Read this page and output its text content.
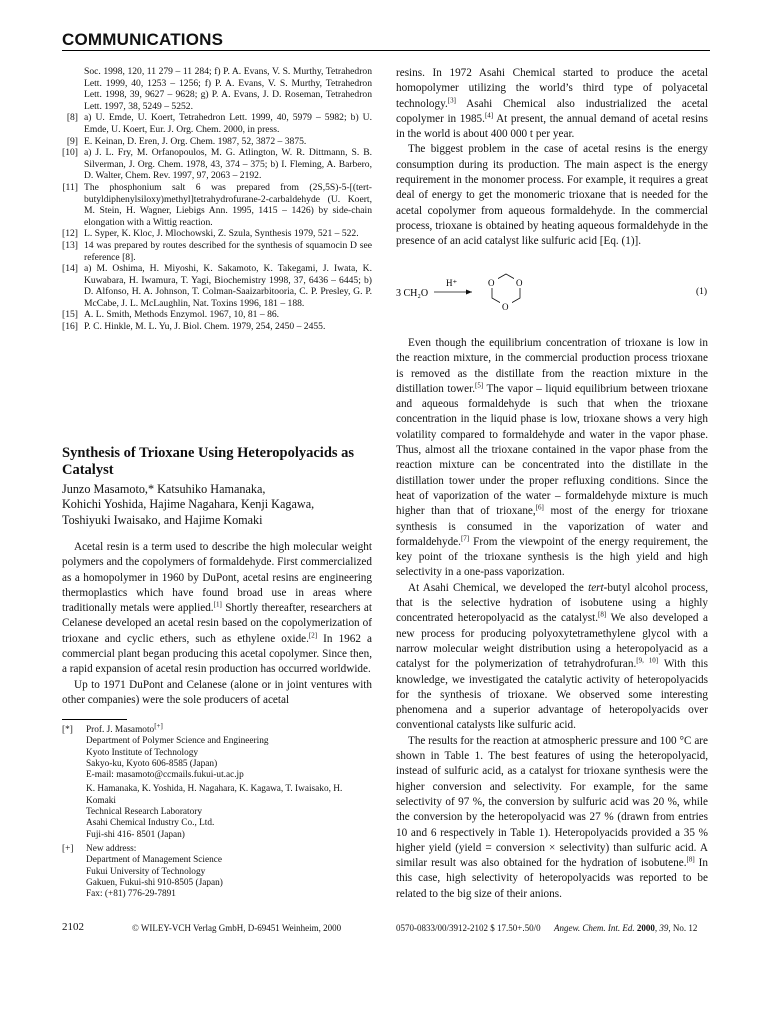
COMMUNICATIONS
Soc. 1998, 120, 11 279 – 11 284; f) P. A. Evans, V. S. Murthy, Tetrahedron Lett. 1999, 40, 1253 – 1256; f) P. A. Evans, V. S. Murthy, Tetrahedron Lett. 1998, 39, 9627 – 9628; g) P. A. Evans, J. D. Roseman, Tetrahedron Lett. 1997, 38, 5249 – 5252.
[8] a) U. Emde, U. Koert, Tetrahedron Lett. 1999, 40, 5979 – 5982; b) U. Emde, U. Koert, Eur. J. Org. Chem. 2000, in press.
[9] E. Keinan, D. Eren, J. Org. Chem. 1987, 52, 3872 – 3875.
[10] a) J. L. Fry, M. Orfanopoulos, M. G. Atlington, W. R. Dittmann, S. B. Silverman, J. Org. Chem. 1978, 43, 374 – 375; b) I. Fleming, A. Barbero, D. Walter, Chem. Rev. 1997, 97, 2063 – 2192.
[11] The phosphonium salt 6 was prepared from (2S,5S)-5-[(tert-butyldiphenylsiloxy)methyl]tetrahydrofurane-2-carbaldehyde (U. Koert, M. Stein, H. Wagner, Liebigs Ann. 1995, 1415 – 1426) by side-chain elongation with a Wittig reaction.
[12] L. Syper, K. Kloc, J. Mlochowski, Z. Szula, Synthesis 1979, 521 – 522.
[13] 14 was prepared by routes described for the synthesis of squamocin D see reference [8].
[14] a) M. Oshima, H. Miyoshi, K. Sakamoto, K. Takegami, J. Iwata, K. Kuwabara, H. Iwamura, T. Yagi, Biochemistry 1998, 37, 6436 – 6445; b) D. Alfonso, H. A. Johnson, T. Colman-Saaizarbitooria, C. P. Presley, G. P. McCabe, J. L. McLaughlin, Nat. Toxins 1996, 181 – 188.
[15] A. L. Smith, Methods Enzymol. 1967, 10, 81 – 86.
[16] P. C. Hinkle, M. L. Yu, J. Biol. Chem. 1979, 254, 2450 – 2455.
Synthesis of Trioxane Using Heteropolyacids as Catalyst
Junzo Masamoto,* Katsuhiko Hamanaka,
Kohichi Yoshida, Hajime Nagahara, Kenji Kagawa,
Toshiyuki Iwaisako, and Hajime Komaki

Acetal resin is a term used to describe the high molecular weight polymers and the copolymers of formaldehyde. First commercialized as a homopolymer in 1960 by DuPont, acetal resins are engineering thermoplastics which have found broad use in areas where traditionally metals were applied.[1] Shortly thereafter, researchers at Celanese developed an acetal resin based on the copolymerization of trioxane and cyclic ethers, such as ethylene oxide.[2] In 1962 a commercial plant began producing this acetal copolymer. Since then, a rapid expansion of acetal resin production has occurred worldwide.

Up to 1971 DuPont and Celanese (alone or in joint ventures with other companies) were the sole producers of acetal

[*] Prof. J. Masamoto[+]
Department of Polymer Science and Engineering
Kyoto Institute of Technology
Sakyo-ku, Kyoto 606-8585 (Japan)
E-mail: masamoto@ccmails.fukui-ut.ac.jp
K. Hamanaka, K. Yoshida, H. Nagahara, K. Kagawa, T. Iwaisako, H. Komaki
Technical Research Laboratory
Asahi Chemical Industry Co., Ltd.
Fuji-shi 416- 8501 (Japan)
[+] New address:
Department of Management Science
Fukui University of Technology
Gakuen, Fukui-shi 910-8505 (Japan)
Fax: (+81) 776-29-7891

resins. In 1972 Asahi Chemical started to produce the acetal homopolymer utilizing the world’s third type of polyacetal technology.[3] Asahi Chemical also industrialized the acetal copolymer in 1985.[4] At present, the annual demand of acetal resins in the world is about 400 000 t per year.

The biggest problem in the case of acetal resins is the energy consumption during its production. The main aspect is the energy requirement in the monomer process. For example, it requires a great deal of energy to get the monomeric trioxane that is needed for the acetal copolymer from aqueous formaldehyde. In the commercial process, trioxane is obtained by heating aqueous formaldehyde in the presence of an acid catalyst like sulfuric acid [Eq. (1)].

3 CH₂O
H⁺	O O
O
(1)

Even though the equilibrium concentration of trioxane is low in the reaction mixture, in the commercial production process trioxane is removed as the distillate from the reaction mixture in the distillation tower.[5] The vapor – liquid equilibrium between trioxane and aqueous formaldehyde is such that when the trioxane concentration in the liquid phase is low, trioxane shows a very high volatility compared to formaldehyde and water in the vapor phase. Thus, almost all the trioxane contained in the vapor phase from the reaction mixture can be concentrated into the distillate in the distillation tower under the proper refluxing conditions. Since the heat of vaporization of the water – formaldehyde mixture is much higher than that of trioxane,[6] most of the energy for trioxane synthesis is consumed in the vaporization of water and formaldehyde.[7] From the viewpoint of the energy requirement, the key point of the trioxane synthesis is the high yield and high selectivity in a one-pass vaporization.

At Asahi Chemical, we developed the tert-butyl alcohol process, that is the selective hydration of isobutene using a highly concentrated heteropolyacid as the catalyst.[8] We also developed a new process for producing polyoxytetramethylene glycol with a narrow molecular weight distribution using a heteropolyacid as a catalyst for the polymerization of tetrahydrofuran.[9, 10] With this knowledge, we investigated the catalytic activity of heteropolyacids for the synthesis of trioxane. We observed some interesting phenomena and a superior advantage of heteropolyacids over conventional catalysts like sulfuric acid.

The results for the reaction at atmospheric pressure and 100 °C are shown in Table 1. The best features of using the heteropolyacid, instead of sulfuric acid, as a catalyst for trioxane synthesis were the higher conversion and selectivity. For example, for the same selectivity of 97 %, the conversion by sulfuric acid was 20 %, while the conversion by the heteropolyacid was 27 % (drawn from entries 10 and 6 respectively in Table 1). Heteropolyacids provided a 35 % higher yield (yield = conversion × selectivity) than sulfuric acid. A similar result was also obtained for the hydration of isobutene.[8] In this case, high selectivity of heteropolyacids was reported to be related to the big size of their anions.

2102	© WILEY-VCH Verlag GmbH, D-69451 Weinheim, 2000	0570-0833/00/3912-2102 $ 17.50+.50/0 Angew. Chem. Int. Ed. 2000, 39, No. 12
